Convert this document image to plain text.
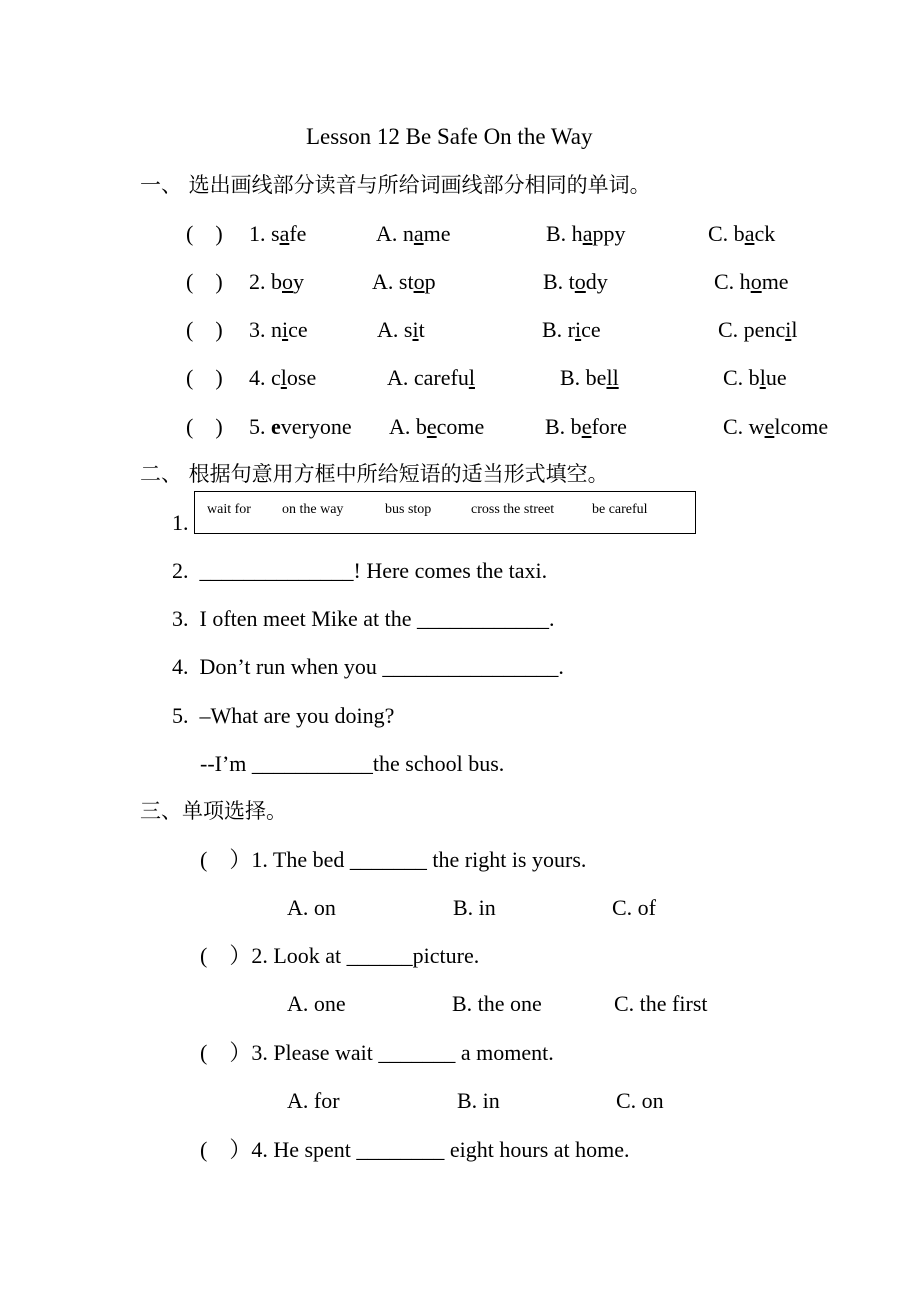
Lesson 12 Be Safe On the Way
一、 选出画线部分读音与所给词画线部分相同的单词。
二、 根据句意用方框中所给短语的适当形式填空。
1.
wait for on the way	bus stop	cross the street	be careful
2.  ______________! Here comes the taxi.
3.  I often meet Mike at the ____________.
4.  Don’t run when you ________________.
5.  –What are you doing?
--I’m ___________the school bus.
三、单项选择。
(    ）1. The bed _______ the right is yours.
A. on	B. in	C. of
(    ）2. Look at ______picture.
A. one	B. the one	C. the first
(    ）3. Please wait _______ a moment.
A. for	B. in	C. on
(    ）4. He spent ________ eight hours at home.
(    ) 1. safe	A. name	B. happy	C. back
(    ) 2. boy	A. stop	B. tody	C. home
(    ) 3. nice	A. sit	B. rice	C. pencil
(    ) 4. close	A. careful	B. bell	C. blue
(    ) 5. everyone A. become	B. before	C. welcome
